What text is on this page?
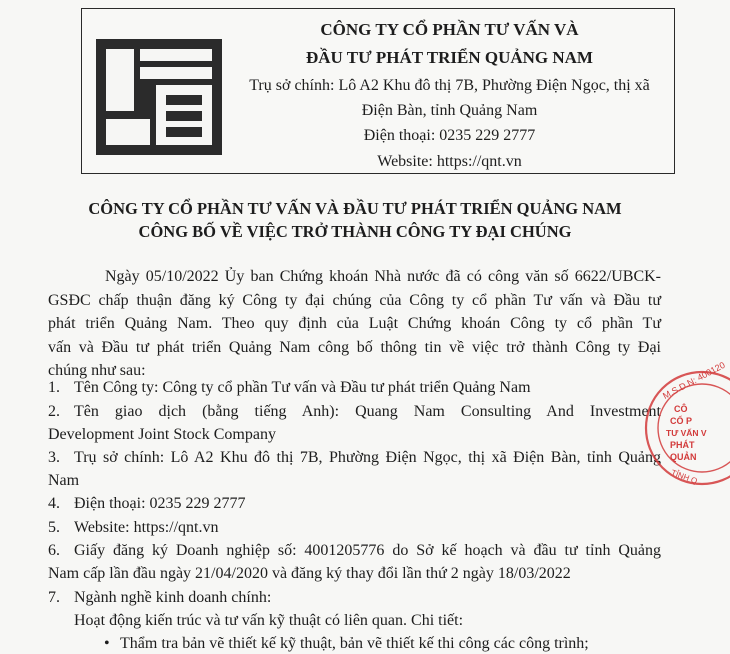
CÔNG TY CỔ PHẦN TƯ VẤN VÀ

ĐẦU TƯ PHÁT TRIỂN QUẢNG NAM

Trụ sở chính: Lô A2 Khu đô thị 7B, Phường Điện Ngọc, thị xã

Điện Bàn, tỉnh Quảng Nam

Điện thoại: 0235 229 2777

Website: https://qnt.vn

CÔNG TY CỔ PHẦN TƯ VẤN VÀ ĐẦU TƯ PHÁT TRIỂN QUẢNG NAM

CÔNG BỐ VỀ VIỆC TRỞ THÀNH CÔNG TY ĐẠI CHÚNG

Ngày 05/10/2022 Ủy ban Chứng khoán Nhà nước đã có công văn số 6622/UBCK-

GSĐC chấp thuận đăng ký Công ty đại chúng của Công ty cổ phần Tư vấn và Đầu tư

phát triển Quảng Nam. Theo quy định của Luật Chứng khoán Công ty cổ phần Tư

vấn và Đầu tư phát triển Quảng Nam công bố thông tin về việc trở thành Công ty Đại

chúng như sau:

1. Tên Công ty: Công ty cổ phần Tư vấn và Đầu tư phát triển Quảng Nam

2. Tên giao dịch (bằng tiếng Anh): Quang Nam Consulting And Investment

Development Joint Stock Company

3. Trụ sở chính: Lô A2 Khu đô thị 7B, Phường Điện Ngọc, thị xã Điện Bàn, tỉnh Quảng

Nam

4. Điện thoại: 0235 229 2777

5. Website: https://qnt.vn

6. Giấy đăng ký Doanh nghiệp số: 4001205776 do Sở kế hoạch và đầu tư tỉnh Quảng

Nam cấp lần đầu ngày 21/04/2020 và đăng ký thay đổi lần thứ 2 ngày 18/03/2022

7. Ngành nghề kinh doanh chính:

Hoạt động kiến trúc và tư vấn kỹ thuật có liên quan. Chi tiết:

• Thẩm tra bản vẽ thiết kế kỹ thuật, bản vẽ thiết kế thi công các công trình;

M.S.D.N: 400120
CÔ
CỔ P
TƯ VẤN V
PHÁT
QUẢN
TỈNH Q
